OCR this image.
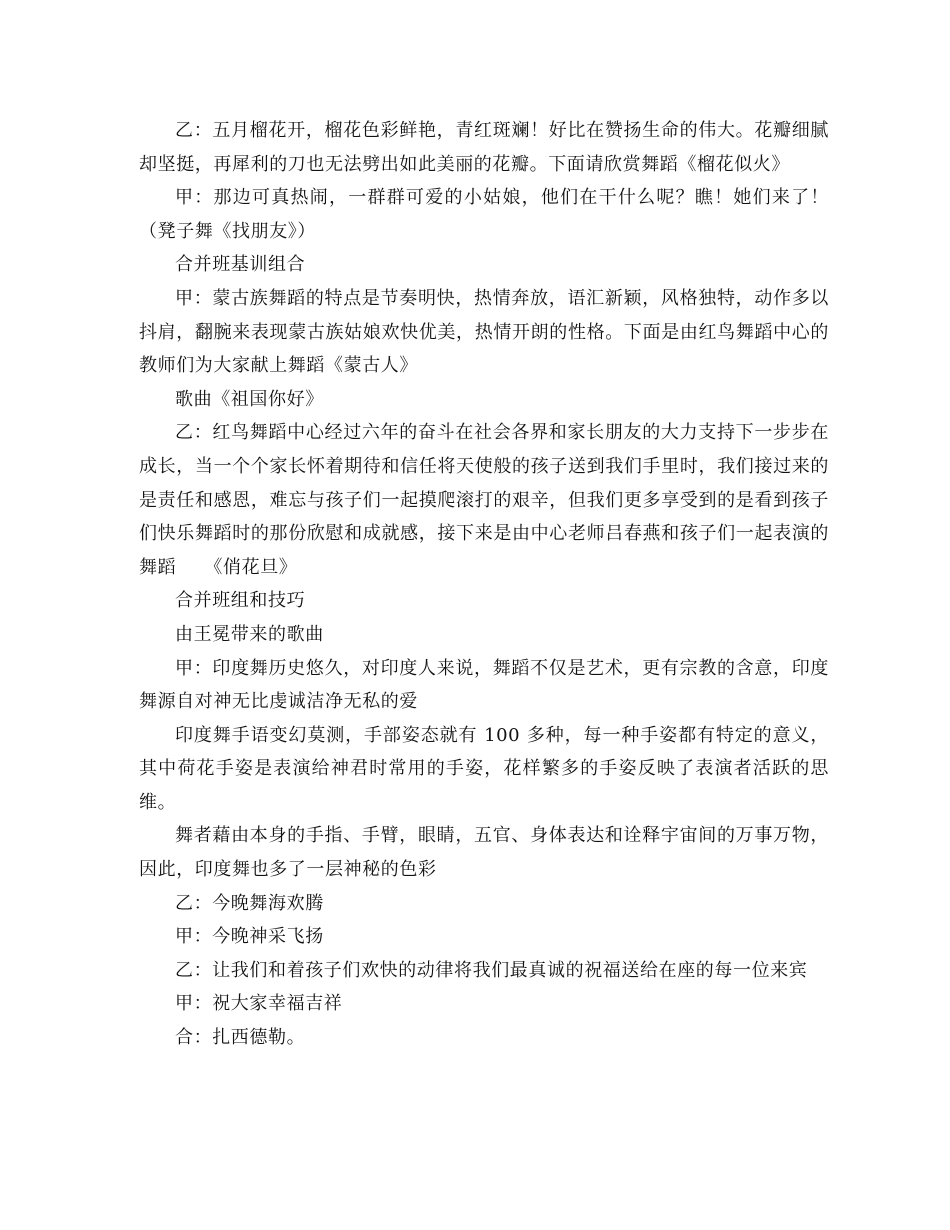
乙：五月榴花开，榴花色彩鲜艳，青红斑斓！好比在赞扬生命的伟大。花瓣细腻却坚挺，再犀利的刀也无法劈出如此美丽的花瓣。下面请欣赏舞蹈《榴花似火》

甲：那边可真热闹，一群群可爱的小姑娘，他们在干什么呢？瞧！她们来了！（凳子舞《找朋友》）

合并班基训组合

甲：蒙古族舞蹈的特点是节奏明快，热情奔放，语汇新颖，风格独特，动作多以抖肩，翻腕来表现蒙古族姑娘欢快优美，热情开朗的性格。下面是由红鸟舞蹈中心的教师们为大家献上舞蹈《蒙古人》

歌曲《祖国你好》

乙：红鸟舞蹈中心经过六年的奋斗在社会各界和家长朋友的大力支持下一步步在成长，当一个个家长怀着期待和信任将天使般的孩子送到我们手里时，我们接过来的是责任和感恩，难忘与孩子们一起摸爬滚打的艰辛，但我们更多享受到的是看到孩子们快乐舞蹈时的那份欣慰和成就感，接下来是由中心老师吕春燕和孩子们一起表演的舞蹈　　《俏花旦》

合并班组和技巧

由王冕带来的歌曲

甲：印度舞历史悠久，对印度人来说，舞蹈不仅是艺术，更有宗教的含意，印度舞源自对神无比虔诚洁净无私的爱

印度舞手语变幻莫测，手部姿态就有 100 多种，每一种手姿都有特定的意义，其中荷花手姿是表演给神君时常用的手姿，花样繁多的手姿反映了表演者活跃的思维。

舞者藉由本身的手指、手臂，眼睛，五官、身体表达和诠释宇宙间的万事万物，因此，印度舞也多了一层神秘的色彩

乙：今晚舞海欢腾

甲：今晚神采飞扬

乙：让我们和着孩子们欢快的动律将我们最真诚的祝福送给在座的每一位来宾

甲：祝大家幸福吉祥

合：扎西德勒。
